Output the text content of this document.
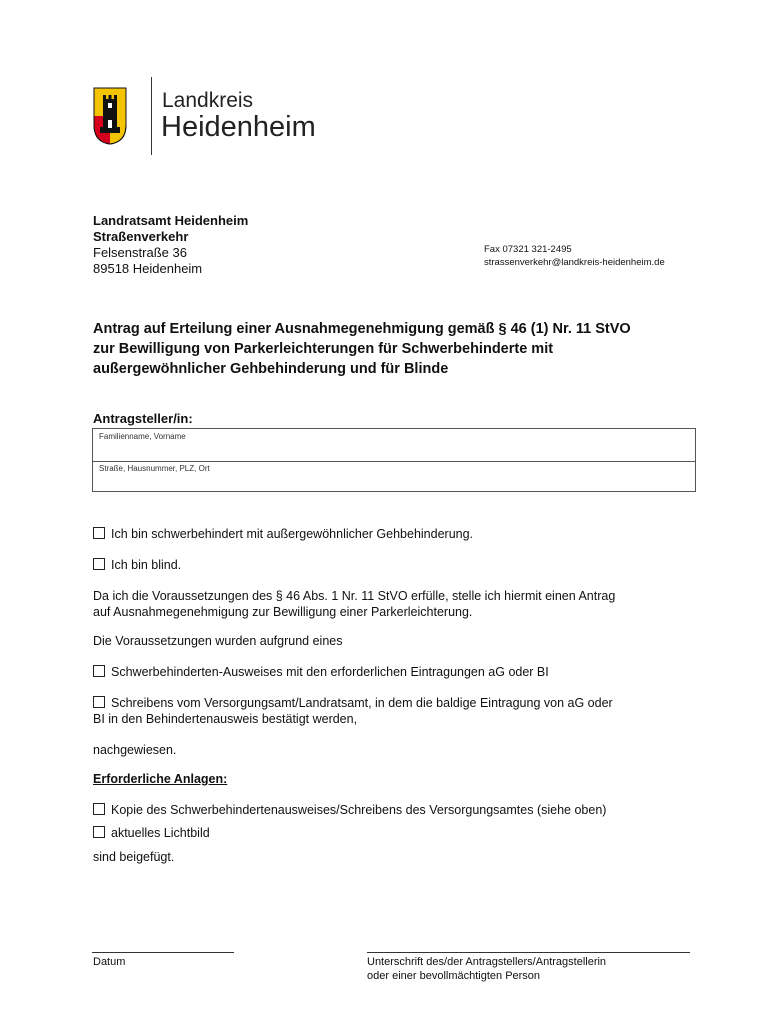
Landkreis
Heidenheim
Landratsamt Heidenheim
Straßenverkehr
Felsenstraße 36
89518 Heidenheim
Fax 07321 321-2495
strassenverkehr@landkreis-heidenheim.de
Antrag auf Erteilung einer Ausnahmegenehmigung gemäß § 46 (1) Nr. 11 StVO
zur Bewilligung von Parkerleichterungen für Schwerbehinderte mit
außergewöhnlicher Gehbehinderung und für Blinde
Antragsteller/in:
Familienname, Vorname
Straße, Hausnummer, PLZ, Ort
Ich bin schwerbehindert mit außergewöhnlicher Gehbehinderung.
Ich bin blind.
Da ich die Voraussetzungen des § 46 Abs. 1 Nr. 11 StVO erfülle, stelle ich hiermit einen Antrag
auf Ausnahmegenehmigung zur Bewilligung einer Parkerleichterung.
Die Voraussetzungen wurden aufgrund eines
Schwerbehinderten-Ausweises mit den erforderlichen Eintragungen aG oder BI
Schreibens vom Versorgungsamt/Landratsamt, in dem die baldige Eintragung von aG oder
BI in den Behindertenausweis bestätigt werden,
nachgewiesen.
Erforderliche Anlagen:
Kopie des Schwerbehindertenausweises/Schreibens des Versorgungsamtes (siehe oben)
aktuelles Lichtbild
sind beigefügt.
Datum	Unterschrift des/der Antragstellers/Antragstellerin
oder einer bevollmächtigten Person
